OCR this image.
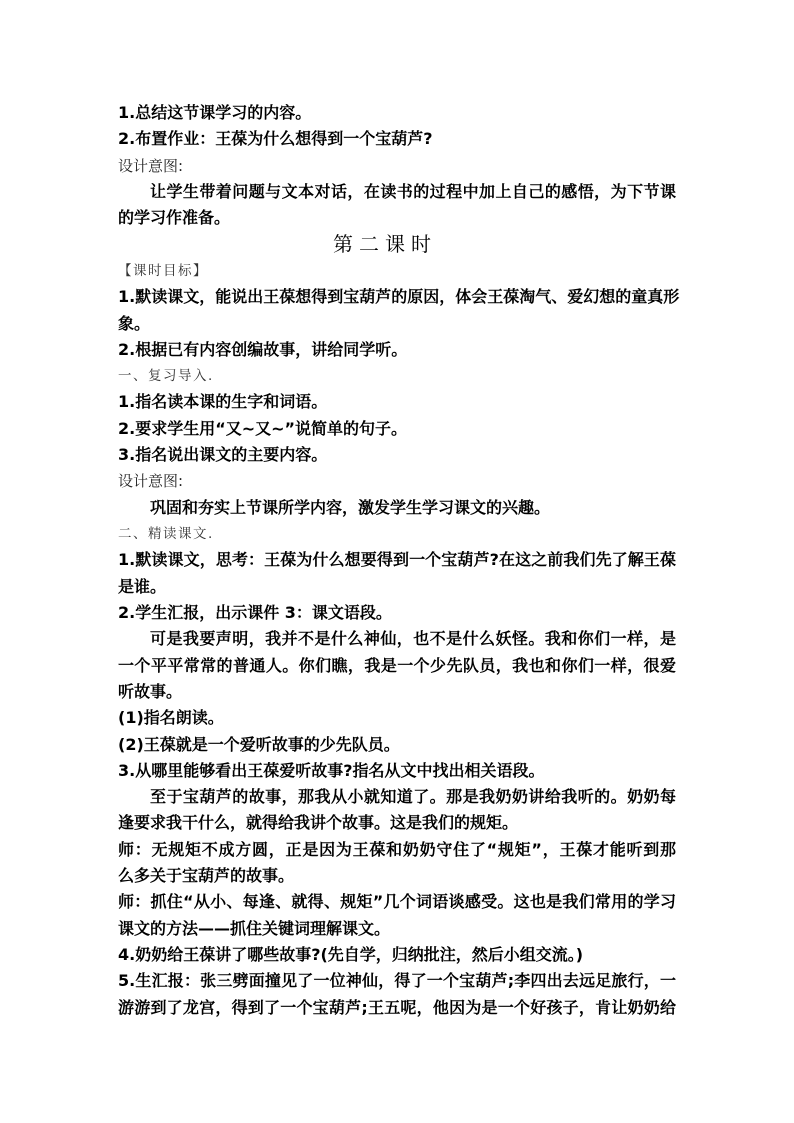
1.总结这节课学习的内容。
2.布置作业：王葆为什么想得到一个宝葫芦?
设计意图:
让学生带着问题与文本对话，在读书的过程中加上自己的感悟，为下节课
的学习作准备。
第二课时
【课时目标】
1.默读课文，能说出王葆想得到宝葫芦的原因，体会王葆淘气、爱幻想的童真形
象。
2.根据已有内容创编故事，讲给同学听。
一、复习导入.
1.指名读本课的生字和词语。
2.要求学生用“又~又~”说简单的句子。
3.指名说出课文的主要内容。
设计意图:
巩固和夯实上节课所学内容，激发学生学习课文的兴趣。
二、精读课文.
1.默读课文，思考：王葆为什么想要得到一个宝葫芦?在这之前我们先了解王葆
是谁。
2.学生汇报，出示课件 3：课文语段。
可是我要声明，我并不是什么神仙，也不是什么妖怪。我和你们一样，是
一个平平常常的普通人。你们瞧，我是一个少先队员，我也和你们一样，很爱
听故事。
(1)指名朗读。
(2)王葆就是一个爱听故事的少先队员。
3.从哪里能够看出王葆爱听故事?指名从文中找出相关语段。
至于宝葫芦的故事，那我从小就知道了。那是我奶奶讲给我听的。奶奶每
逢要求我干什么，就得给我讲个故事。这是我们的规矩。
师：无规矩不成方圆，正是因为王葆和奶奶守住了“规矩”，王葆才能听到那
么多关于宝葫芦的故事。
师：抓住“从小、每逢、就得、规矩”几个词语谈感受。这也是我们常用的学习
课文的方法——抓住关键词理解课文。
4.奶奶给王葆讲了哪些故事?(先自学，归纳批注，然后小组交流。)
5.生汇报：张三劈面撞见了一位神仙，得了一个宝葫芦;李四出去远足旅行，一
游游到了龙宫，得到了一个宝葫芦;王五呢，他因为是一个好孩子，肯让奶奶给
